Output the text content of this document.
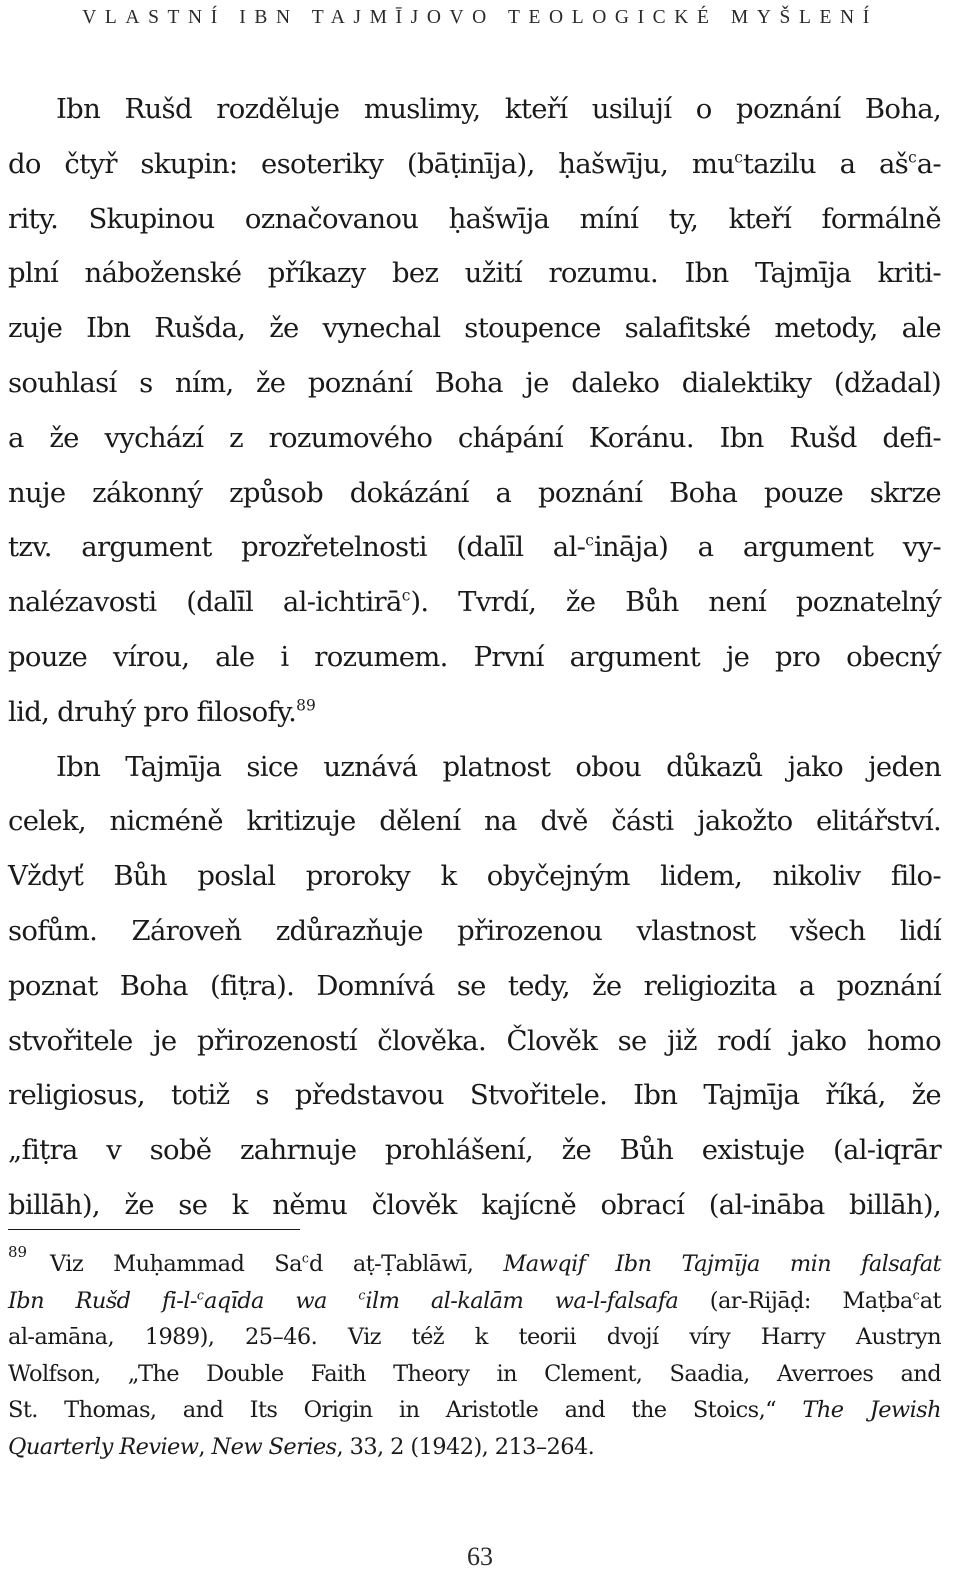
VLASTNÍ IBN TAJMĪJOVO TEOLOGICKÉ MYŠLENÍ

Ibn Rušd rozděluje muslimy, kteří usilují o poznání Boha,
do čtyř skupin: esoteriky (bāṭinīja), ḥašwīju, $mu^ctazilu$ a $aš^ca-$
rity. Skupinou označovanou ḥašwīja míní ty, kteří formálně
plní náboženské příkazy bez užití rozumu. Ibn Tajmīja kriti-
zuje Ibn Rušda, že vynechal stoupence salafitské metody, ale
souhlasí s ním, že poznání Boha je daleko dialektiky (džadal)
a že vychází z rozumového chápání Koránu. Ibn Rušd defi-
nuje zákonný způsob dokázání a poznání Boha pouze skrze
tzv. argument prozřetelnosti (dalīl al-$^c$ināja) a argument vy-
nalézavosti (dalīl al-ichtirā$^c$). Tvrdí, že Bůh není poznatelný
pouze vírou, ale i rozumem. První argument je pro obecný
lid, druhý pro filosofy.$^{89}$

Ibn Tajmīja sice uznává platnost obou důkazů jako jeden
celek, nicméně kritizuje dělení na dvě části jakožto elitářství.
Vždyť Bůh poslal proroky k obyčejným lidem, nikoliv filo-
sofům. Zároveň zdůrazňuje přirozenou vlastnost všech lidí
poznat Boha (fiṭra). Domnívá se tedy, že religiozita a poznání
stvořitele je přirozeností člověka. Člověk se již rodí jako homo
religiosus, totiž s představou Stvořitele. Ibn Tajmīja říká, že
„fiṭra v sobě zahrnuje prohlášení, že Bůh existuje (al-iqrār
billāh), že se k němu člověk kajícně obrací (al-ināba billāh),

89	Viz Muḥammad Sa$^c$d aṭ-Ṭablāwī, Mawqif Ibn Tajmīja min falsafat
Ibn Rušd fi-l-$^c$aqīda wa $^c$ilm al-kalām wa-l-falsafa (ar-Rijāḍ: Maṭba$^c$at
al-amāna, 1989), 25–46. Viz též k teorii dvojí víry Harry Austryn
Wolfson, „The Double Faith Theory in Clement, Saadia, Averroes and
St. Thomas, and Its Origin in Aristotle and the Stoics,“ The Jewish
Quarterly Review, New Series, 33, 2 (1942), 213–264.
63
